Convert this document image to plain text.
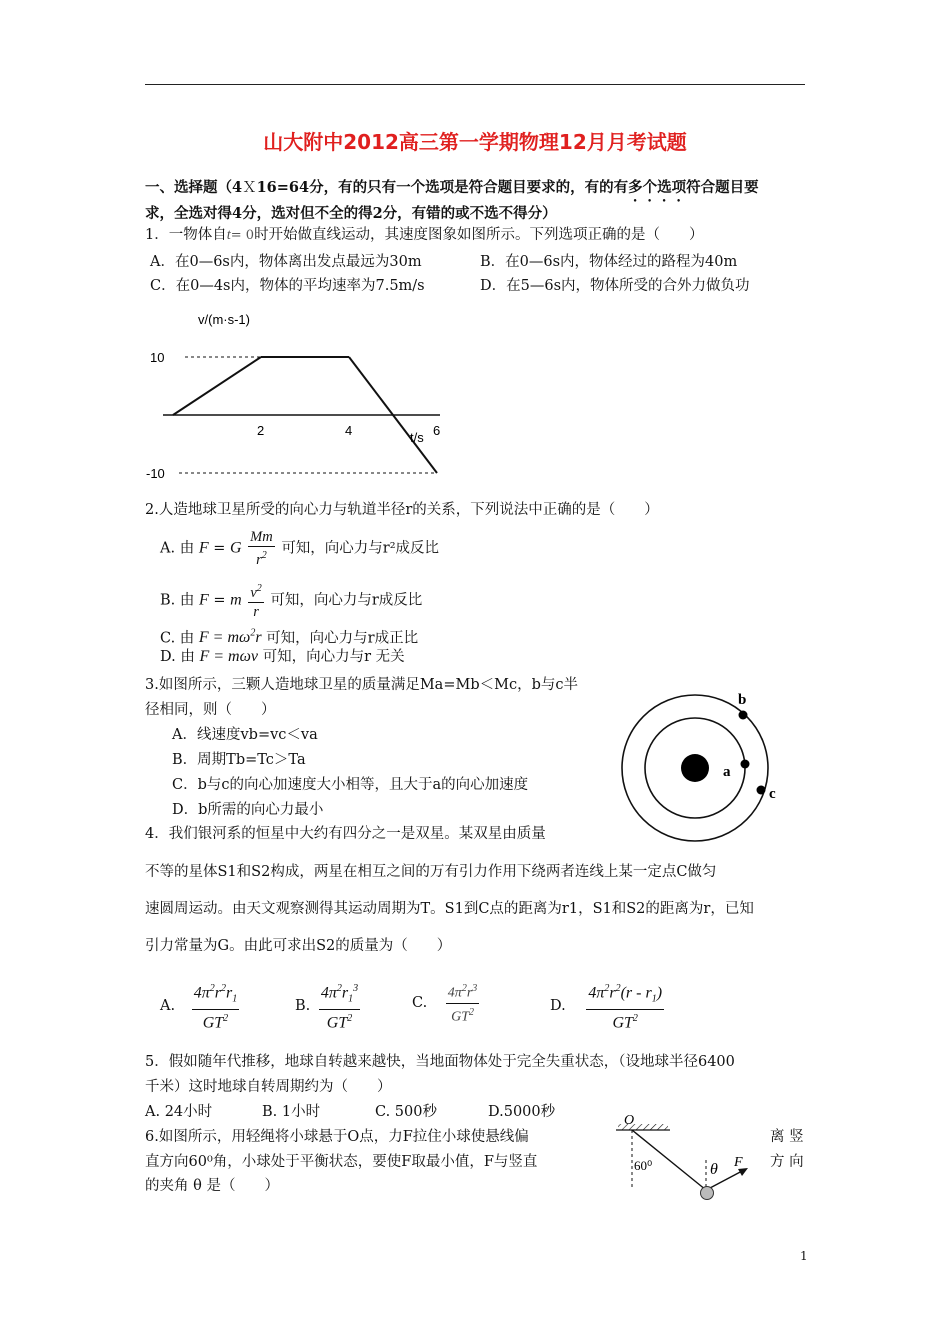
山大附中2012高三第一学期物理12月月考试题
一、选择题（4Ｘ16=64分，有的只有一个选项是符合题目要求的，有的有多个选项符合题目要
求，全选对得4分，选对但不全的得2分，有错的或不选不得分）
1．一物体自t= 0时开始做直线运动，其速度图象如图所示。下列选项正确的是（　　）
A．在0—6s内，物体离出发点最远为30m	B．在0—6s内，物体经过的路程为40m
C．在0—4s内，物体的平均速率为7.5m/s	D．在5—6s内，物体所受的合外力做负功
v/(m·s-1)
t/s
2	4	6
10
-10
2.人造地球卫星所受的向心力与轨道半径r的关系，下列说法中正确的是（　　）
A. 由 F = G $\frac{Mm}{r^2}$ 可知，向心力与r²成反比
B. 由 F = m $\frac{v^2}{r}$ 可知，向心力与r成反比
C. 由 $F = m\omega^2r$ 可知，向心力与r成正比
D. 由 F = mωv 可知，向心力与r 无关
3.如图所示，三颗人造地球卫星的质量满足Ma=Mb＜Mc，b与c半
径相同，则（　　）
A．线速度vb=vc＜va
B．周期Tb=Tc＞Ta
C．b与c的向心加速度大小相等，且大于a的向心加速度
D．b所需的向心力最小
a
b
c
4．我们银河系的恒星中大约有四分之一是双星。某双星由质量
不等的星体S1和S2构成，两星在相互之间的万有引力作用下绕两者连线上某一定点C做匀
速圆周运动。由天文观察测得其运动周期为T。S1到C点的距离为r1，S1和S2的距离为r，已知
引力常量为G。由此可求出S2的质量为（　　）
A. $\frac{4\pi^2r^2r_1}{GT^2}$	B. $\frac{4\pi^2r_1^3}{GT^2}$	C. $\frac{4\pi^2r^3}{GT^2}$	D. $\frac{4\pi^2r^2(r - r_1)}{GT^2}$
5．假如随年代推移，地球自转越来越快，当地面物体处于完全失重状态，（设地球半径6400
千米）这时地球自转周期约为（　　）
A. 24小时	B. 1小时	C. 500秒	D.5000秒
6.如图所示，用轻绳将小球悬于O点，力F拉住小球使悬线偏	离 竖
直方向60⁰角，小球处于平衡状态，要使F取最小值，F与竖直	方 向
的夹角 θ 是（　　）
O
60⁰	θ F
1
